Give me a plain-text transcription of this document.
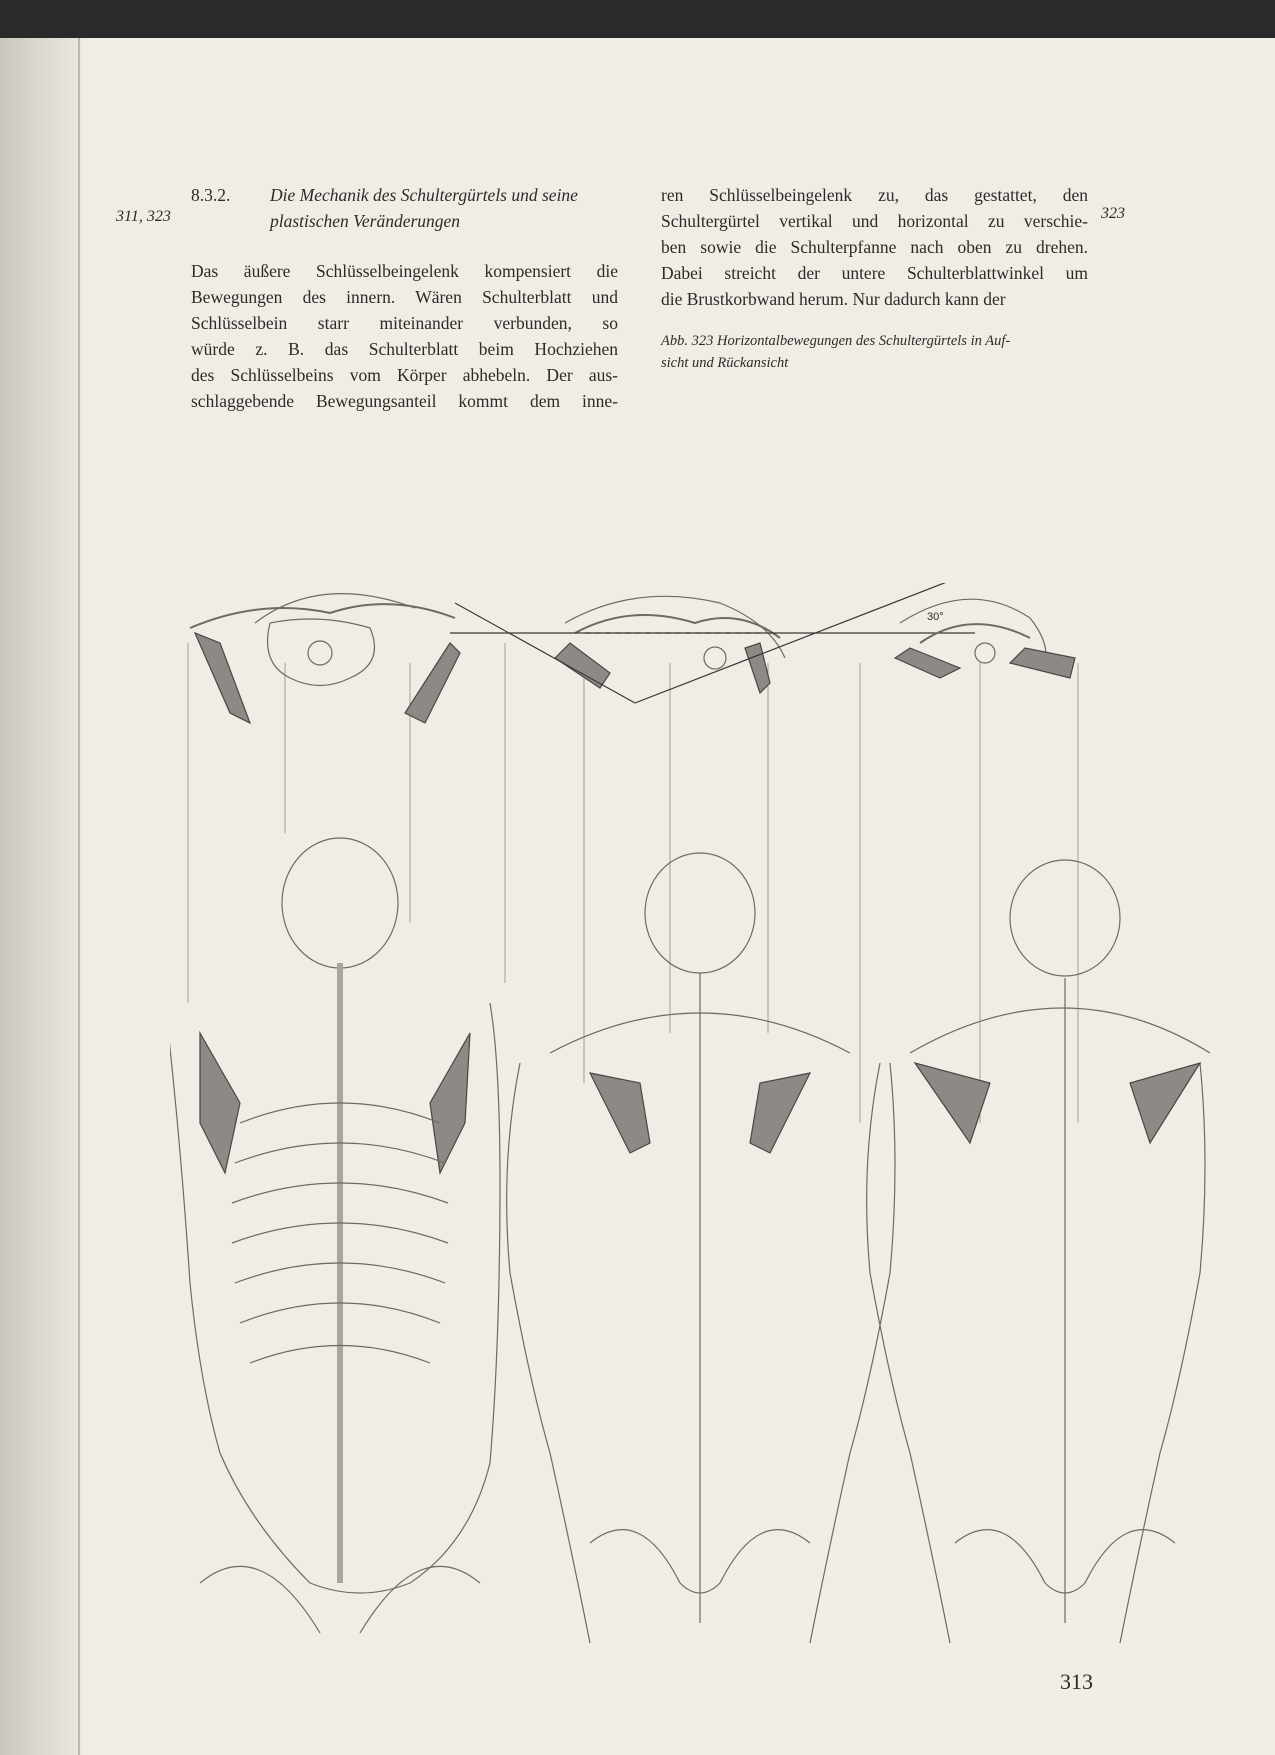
8.3.2. Die Mechanik des Schultergürtels und seine
plastischen Veränderungen
311, 323	323
Das äußere Schlüsselbeingelenk kompensiert die
Bewegungen des innern. Wären Schulterblatt und
Schlüsselbein starr miteinander verbunden, so
würde z. B. das Schulterblatt beim Hochziehen
des Schlüsselbeins vom Körper abhebeln. Der aus-
schlaggebende Bewegungsanteil kommt dem inne-
ren Schlüsselbeingelenk zu, das gestattet, den
Schultergürtel vertikal und horizontal zu verschie-
ben sowie die Schulterpfanne nach oben zu drehen.
Dabei streicht der untere Schulterblattwinkel um
die Brustkorbwand herum. Nur dadurch kann der
Abb. 323 Horizontalbewegungen des Schultergürtels in Auf-
sicht und Rückansicht
30°
313
